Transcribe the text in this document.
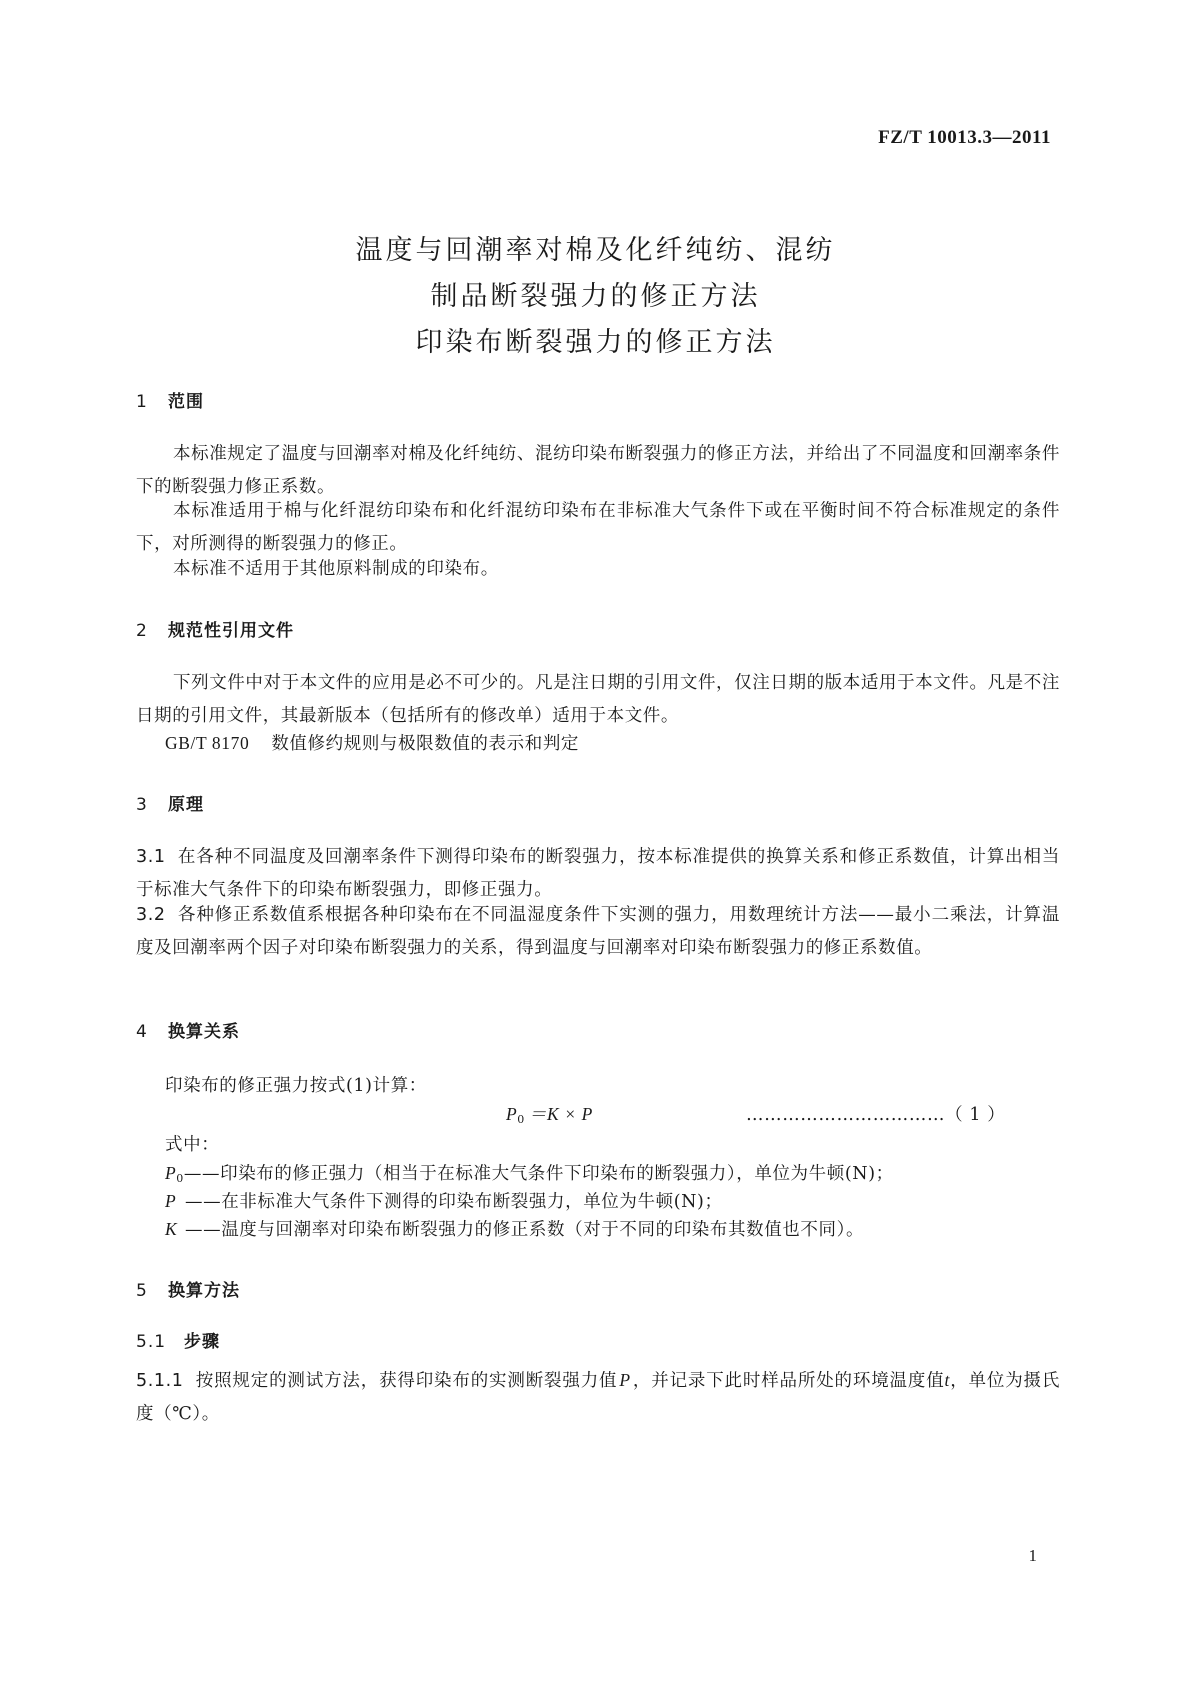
FZ/T 10013.3—2011
温度与回潮率对棉及化纤纯纺、混纺
制品断裂强力的修正方法
印染布断裂强力的修正方法
1 范围
本标准规定了温度与回潮率对棉及化纤纯纺、混纺印染布断裂强力的修正方法，并给出了不同温度和回潮率条件下的断裂强力修正系数。
本标准适用于棉与化纤混纺印染布和化纤混纺印染布在非标准大气条件下或在平衡时间不符合标准规定的条件下，对所测得的断裂强力的修正。
本标准不适用于其他原料制成的印染布。
2 规范性引用文件
下列文件中对于本文件的应用是必不可少的。凡是注日期的引用文件，仅注日期的版本适用于本文件。凡是不注日期的引用文件，其最新版本（包括所有的修改单）适用于本文件。
GB/T 8170 数值修约规则与极限数值的表示和判定
3 原理
3.1 在各种不同温度及回潮率条件下测得印染布的断裂强力，按本标准提供的换算关系和修正系数值，计算出相当于标准大气条件下的印染布断裂强力，即修正强力。
3.2 各种修正系数值系根据各种印染布在不同温湿度条件下实测的强力，用数理统计方法——最小二乘法，计算温度及回潮率两个因子对印染布断裂强力的关系，得到温度与回潮率对印染布断裂强力的修正系数值。
4 换算关系
印染布的修正强力按式(1)计算：
$P_0 =K \times P$	……………………………（ 1 ）
式中：
$P_0——$印染布的修正强力（相当于在标准大气条件下印染布的断裂强力），单位为牛顿(N)；
P ——在非标准大气条件下测得的印染布断裂强力，单位为牛顿(N)；
K ——温度与回潮率对印染布断裂强力的修正系数（对于不同的印染布其数值也不同）。
5 换算方法
5.1 步骤
5.1.1 按照规定的测试方法，获得印染布的实测断裂强力值 P ，并记录下此时样品所处的环境温度值t，单位为摄氏度（℃）。
1
